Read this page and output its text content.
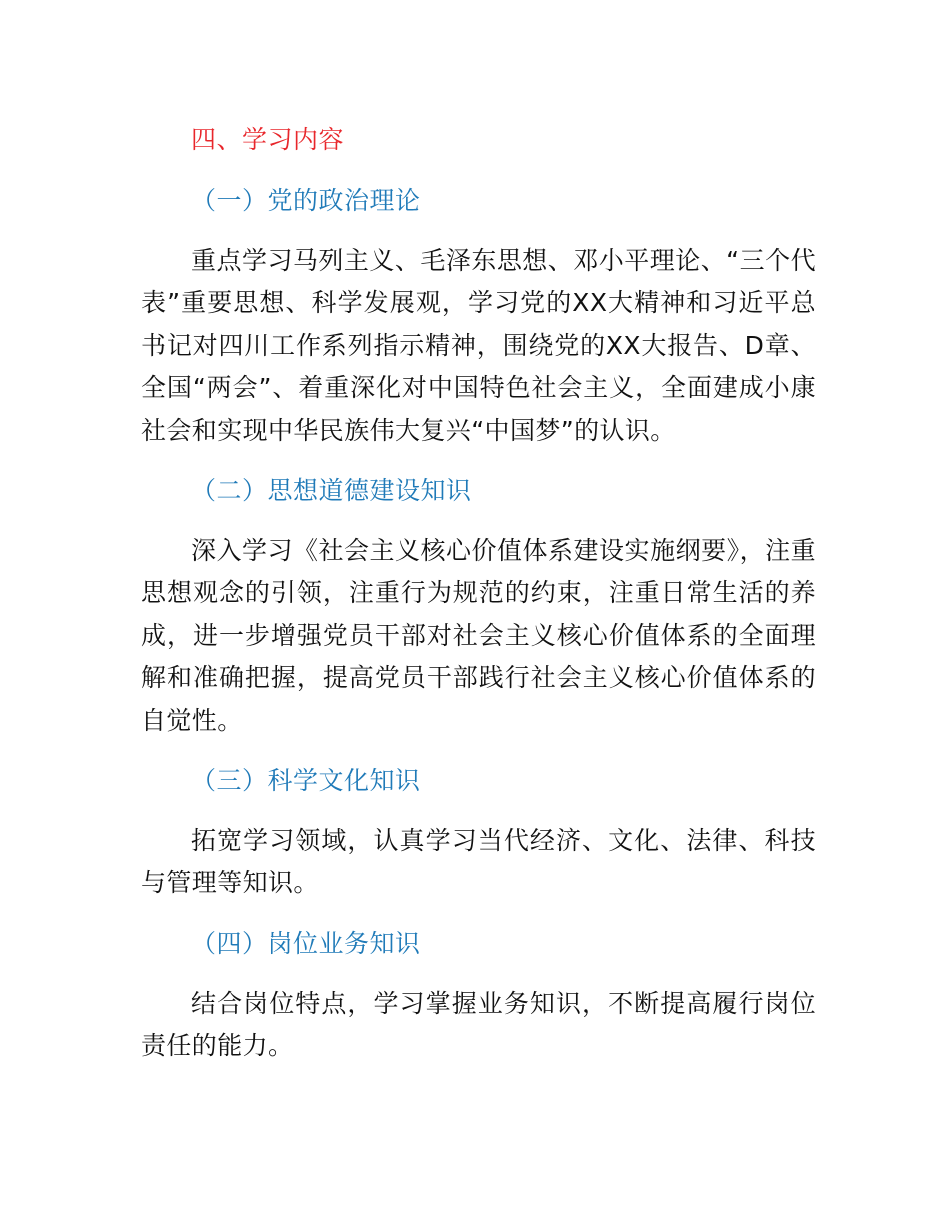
四、学习内容
（一）党的政治理论

重点学习马列主义、毛泽东思想、邓小平理论、“三个代表”重要思想、科学发展观，学习党的XX大精神和习近平总书记对四川工作系列指示精神，围绕党的XX大报告、D章、全国“两会”、着重深化对中国特色社会主义，全面建成小康社会和实现中华民族伟大复兴“中国梦”的认识。

（二）思想道德建设知识

深入学习《社会主义核心价值体系建设实施纲要》，注重思想观念的引领，注重行为规范的约束，注重日常生活的养成，进一步增强党员干部对社会主义核心价值体系的全面理解和准确把握，提高党员干部践行社会主义核心价值体系的自觉性。

（三）科学文化知识

拓宽学习领域，认真学习当代经济、文化、法律、科技与管理等知识。

（四）岗位业务知识

结合岗位特点，学习掌握业务知识，不断提高履行岗位责任的能力。
